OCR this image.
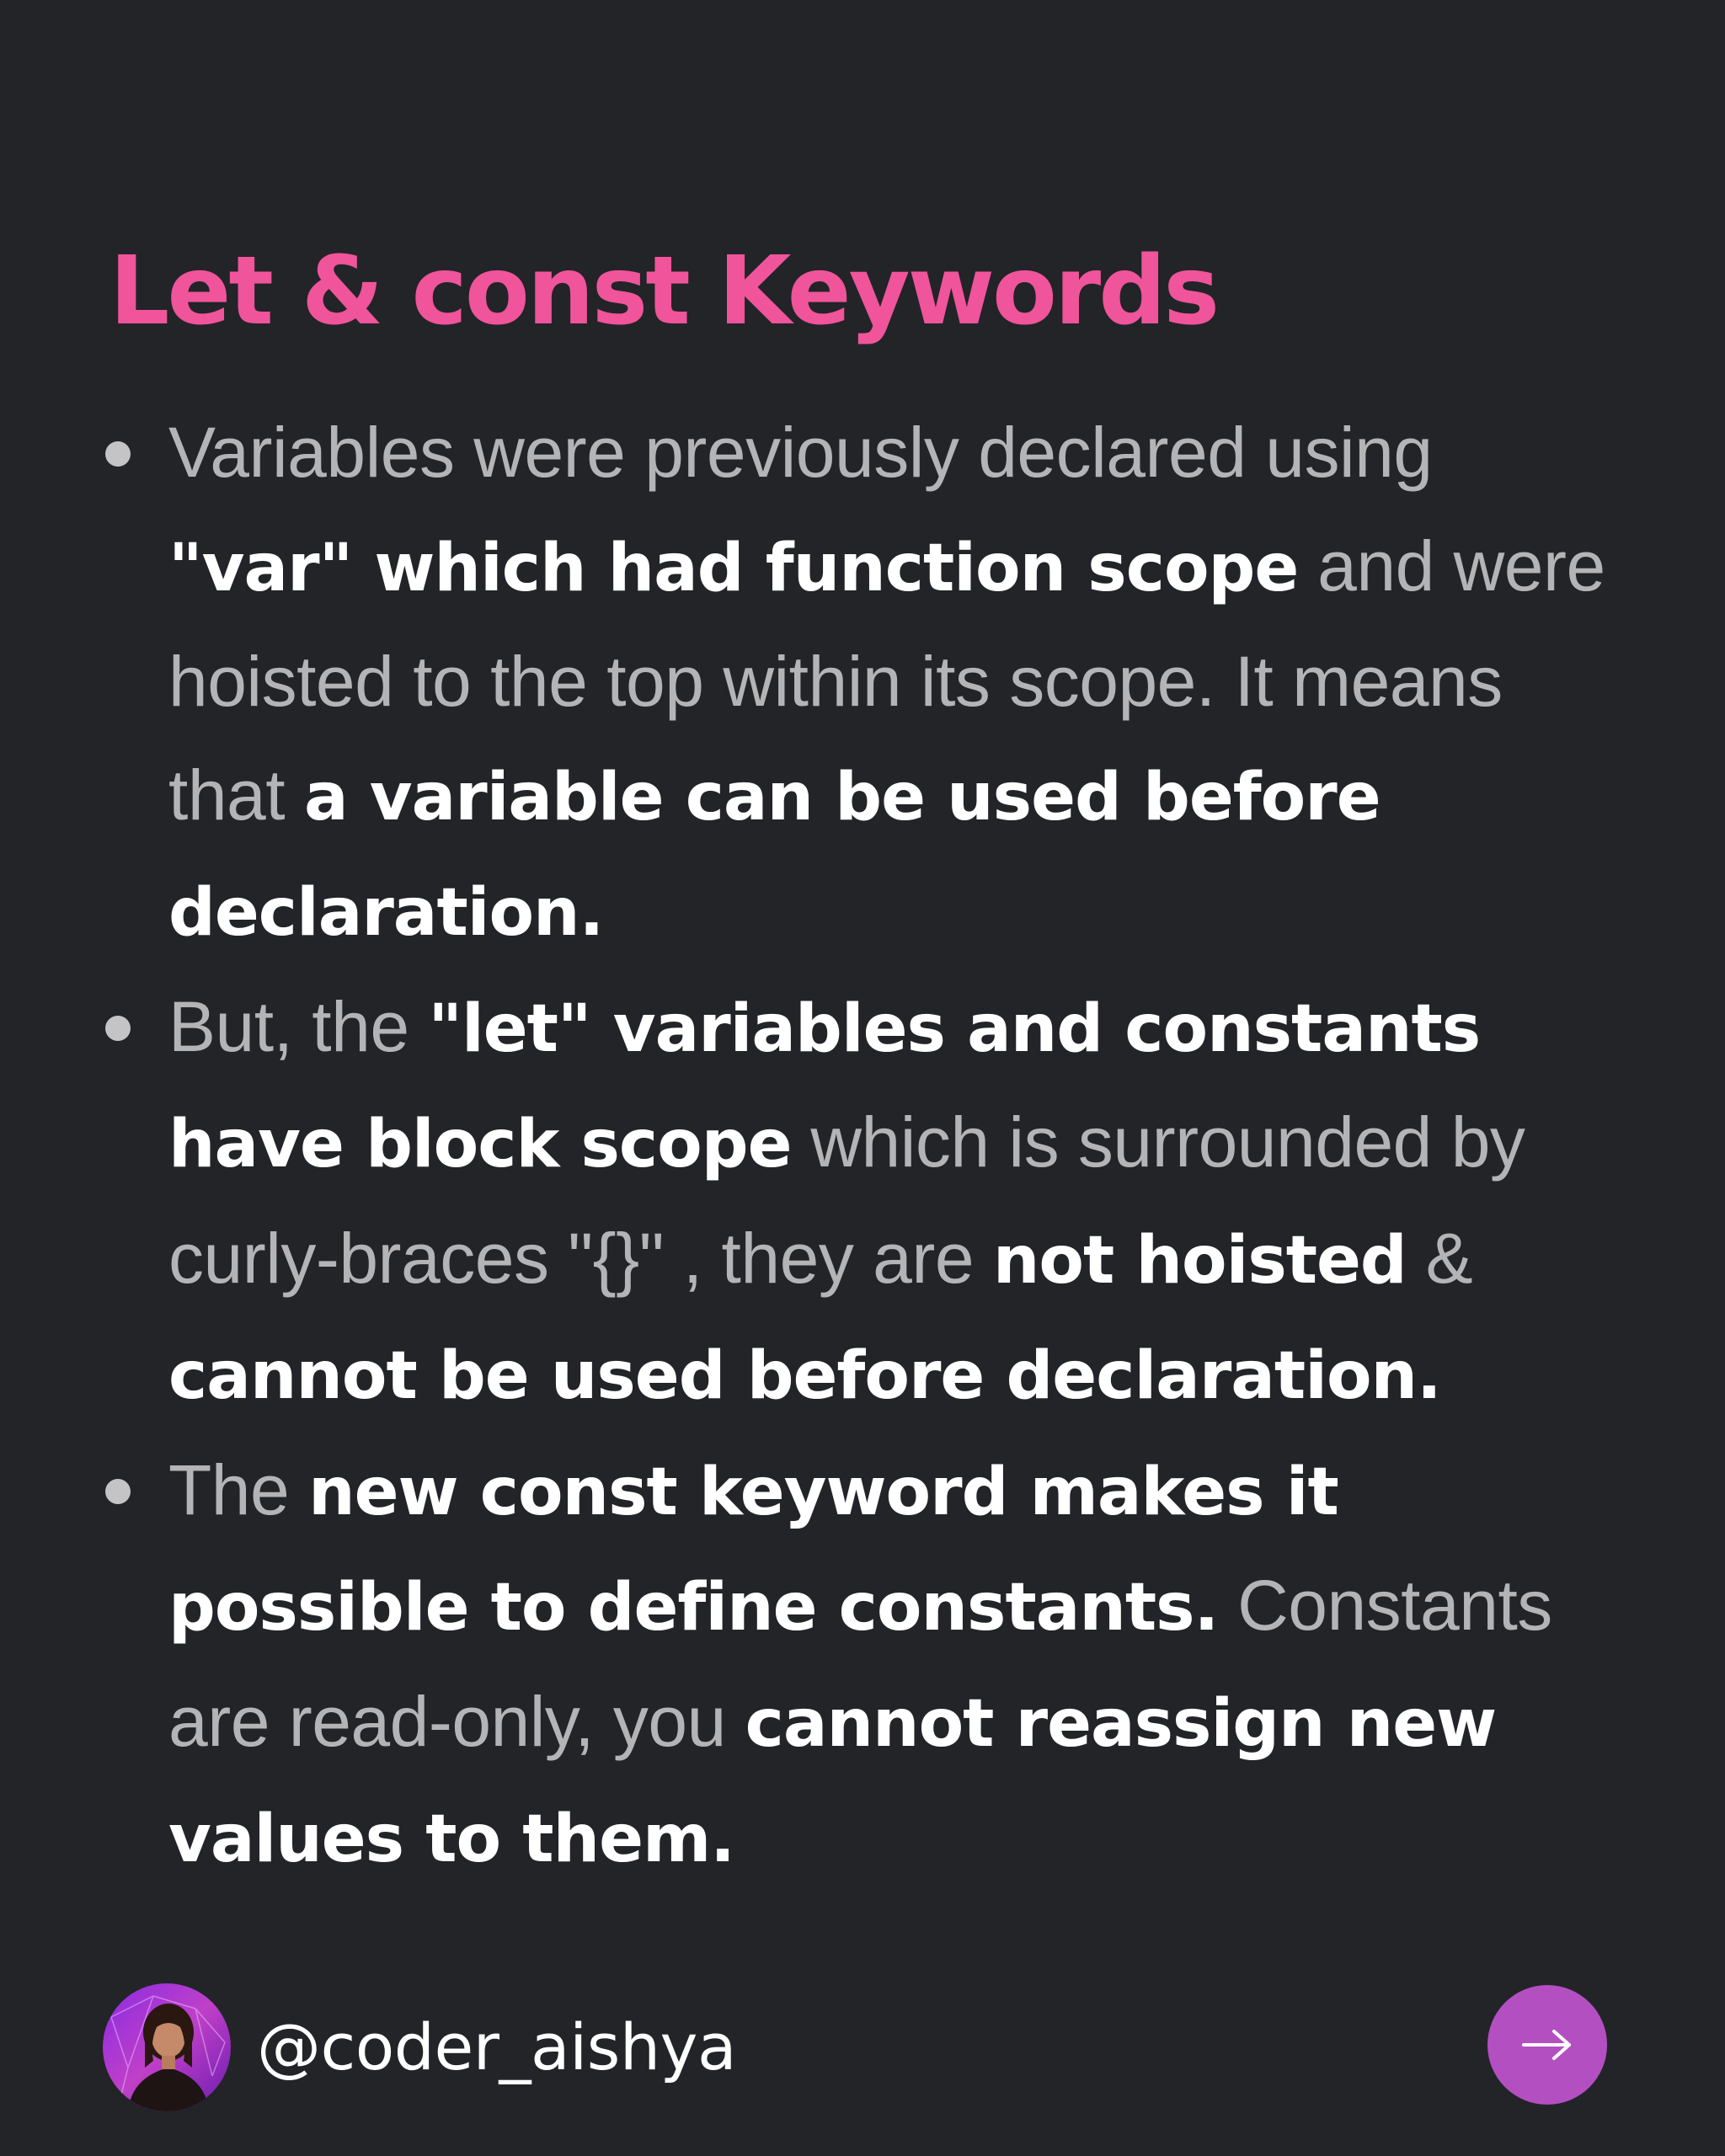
Let & const Keywords
Variables were previously declared using "var" which had function scope and were hoisted to the top within its scope. It means that a variable can be used before declaration.
But, the "let" variables and constants have block scope which is surrounded by curly-braces "{}" , they are not hoisted & cannot be used before declaration.
The new const keyword makes it possible to define constants. Constants are read-only, you cannot reassign new values to them.
@coder_aishya
